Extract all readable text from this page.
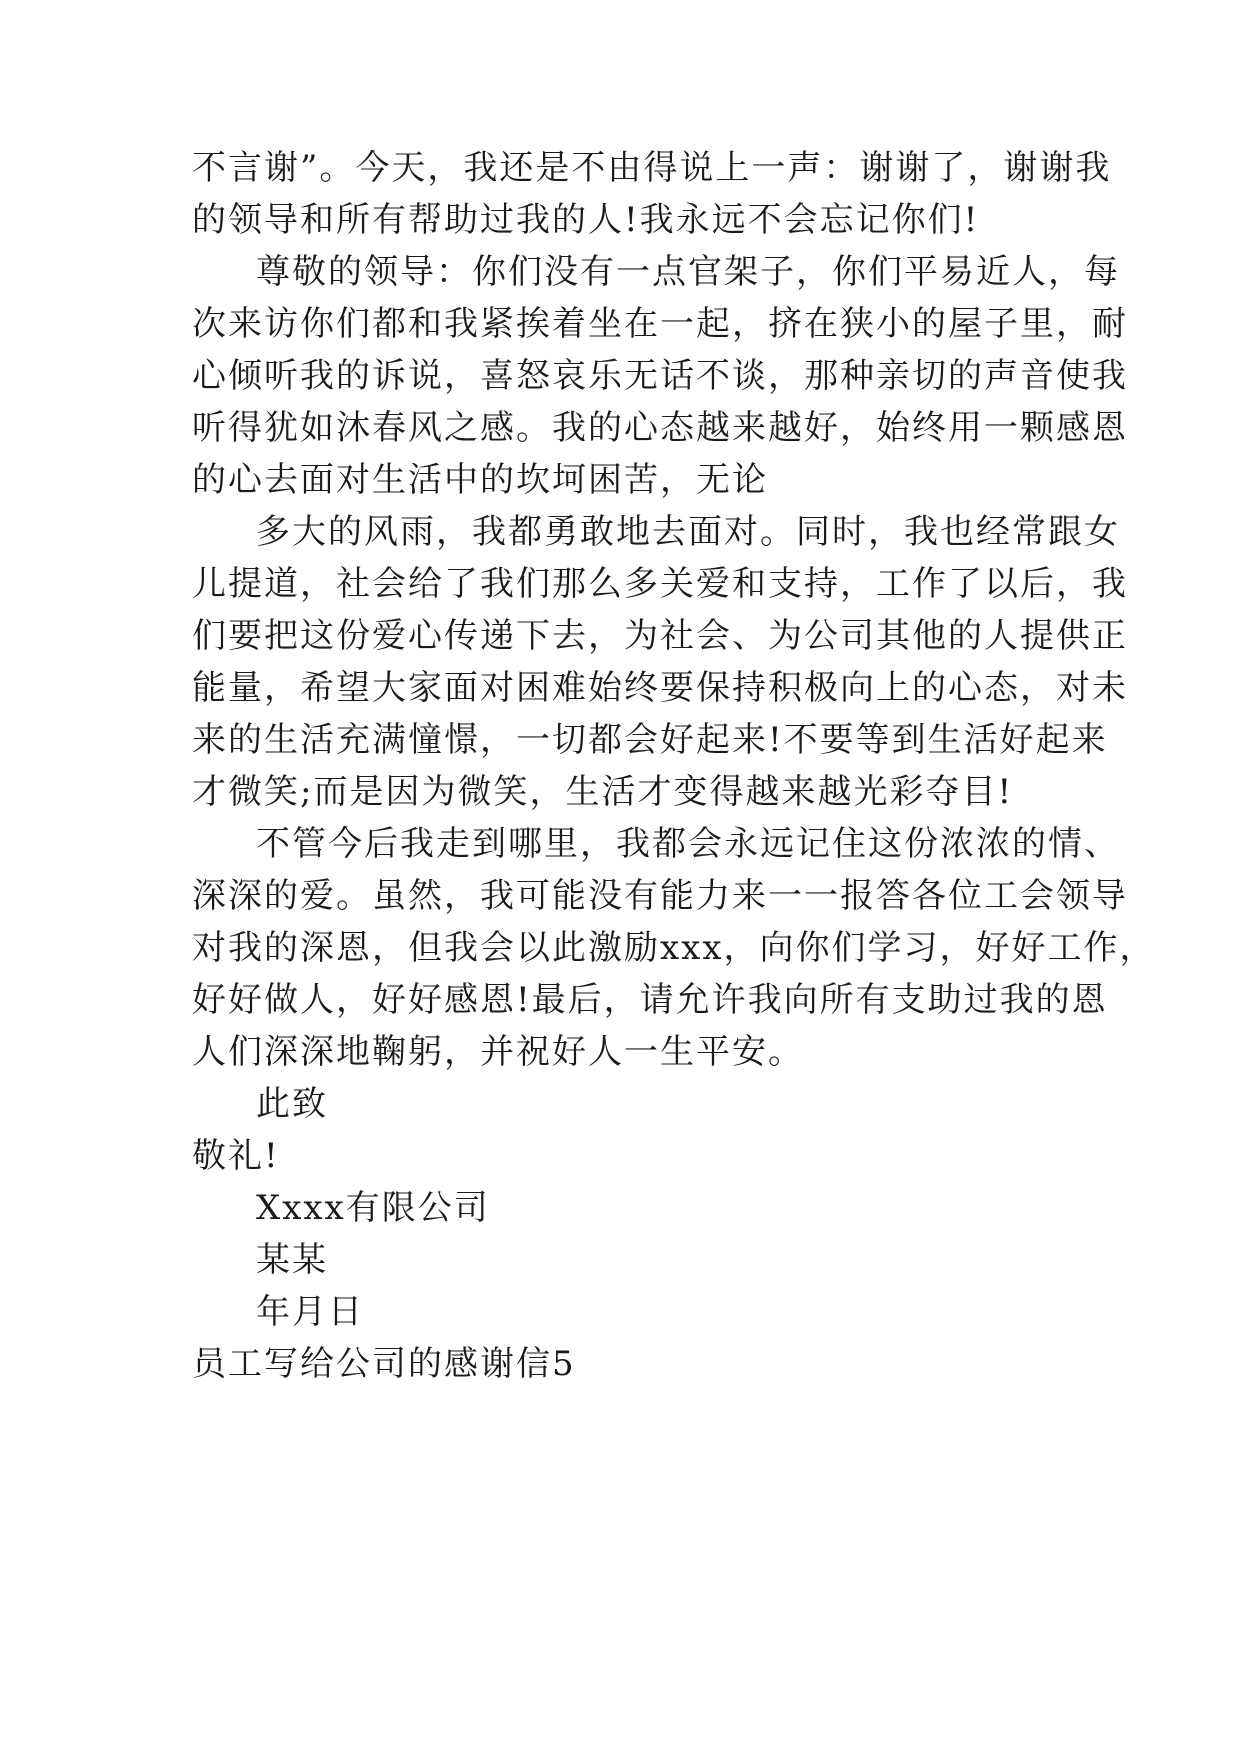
不言谢”。今天，我还是不由得说上一声：谢谢了，谢谢我
的领导和所有帮助过我的人!我永远不会忘记你们!
尊敬的领导：你们没有一点官架子，你们平易近人，每
次来访你们都和我紧挨着坐在一起，挤在狭小的屋子里，耐
心倾听我的诉说，喜怒哀乐无话不谈，那种亲切的声音使我
听得犹如沐春风之感。我的心态越来越好，始终用一颗感恩
的心去面对生活中的坎坷困苦，无论
多大的风雨，我都勇敢地去面对。同时，我也经常跟女
儿提道，社会给了我们那么多关爱和支持，工作了以后，我
们要把这份爱心传递下去，为社会、为公司其他的人提供正
能量，希望大家面对困难始终要保持积极向上的心态，对未
来的生活充满憧憬，一切都会好起来!不要等到生活好起来
才微笑;而是因为微笑，生活才变得越来越光彩夺目!
不管今后我走到哪里，我都会永远记住这份浓浓的情、
深深的爱。虽然，我可能没有能力来一一报答各位工会领导
对我的深恩，但我会以此激励xxx，向你们学习，好好工作，
好好做人，好好感恩!最后，请允许我向所有支助过我的恩
人们深深地鞠躬，并祝好人一生平安。
此致
敬礼!
Xxxx有限公司
某某
年月日
员工写给公司的感谢信5
